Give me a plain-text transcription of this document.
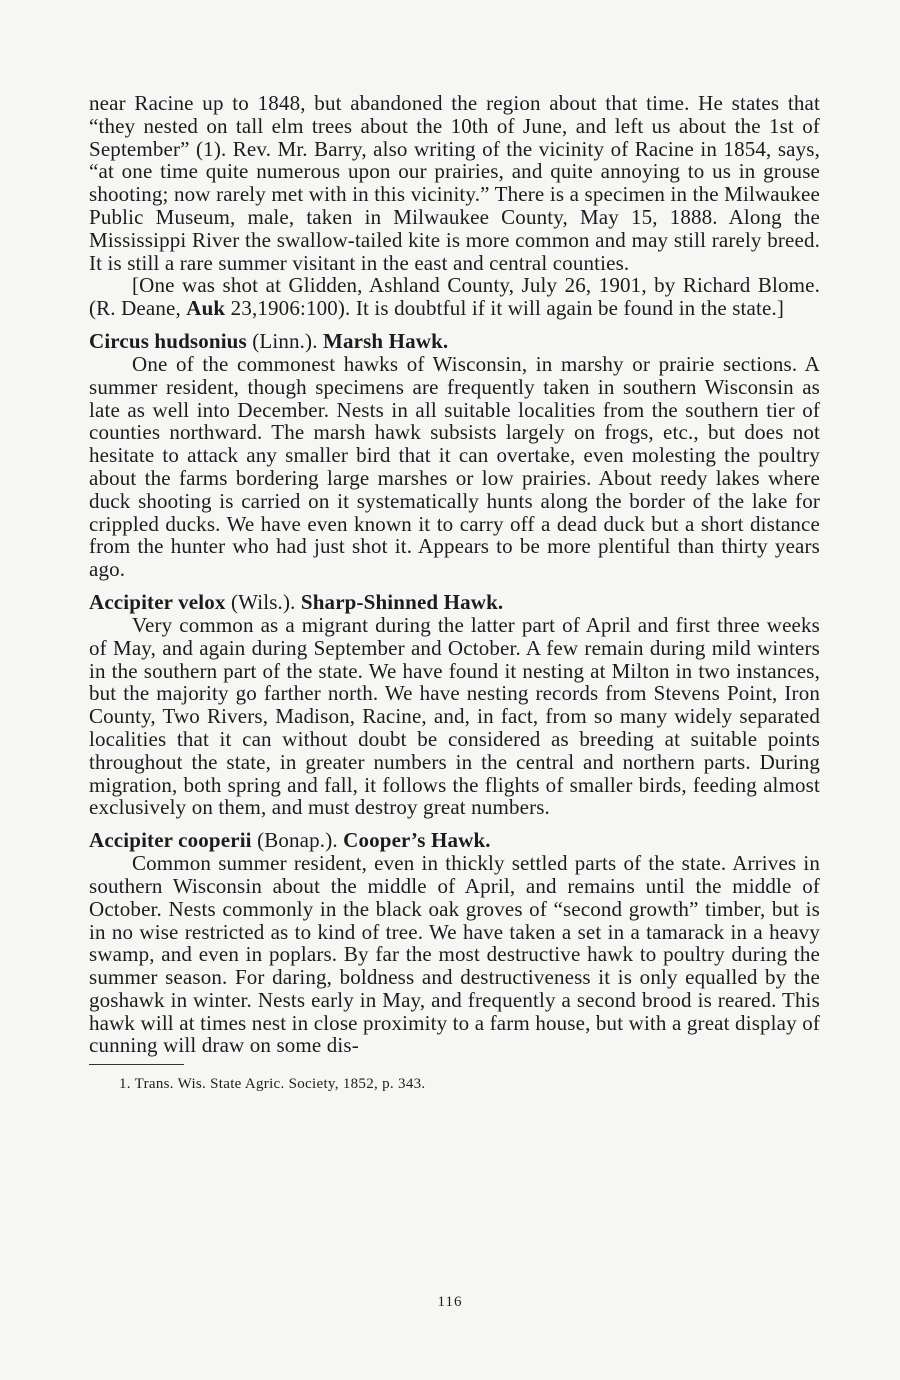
near Racine up to 1848, but abandoned the region about that time. He states that “they nested on tall elm trees about the 10th of June, and left us about the 1st of September” (1). Rev. Mr. Barry, also writing of the vicinity of Racine in 1854, says, “at one time quite numerous upon our prairies, and quite annoying to us in grouse shooting; now rarely met with in this vicinity.” There is a specimen in the Milwaukee Public Museum, male, taken in Milwaukee County, May 15, 1888. Along the Mississippi River the swallow-tailed kite is more common and may still rarely breed. It is still a rare summer visitant in the east and central counties.

[One was shot at Glidden, Ashland County, July 26, 1901, by Richard Blome. (R. Deane, Auk 23,1906:100). It is doubtful if it will again be found in the state.]

Circus hudsonius (Linn.). Marsh Hawk.

One of the commonest hawks of Wisconsin, in marshy or prairie sections. A summer resident, though specimens are frequently taken in southern Wisconsin as late as well into December. Nests in all suitable localities from the southern tier of counties northward. The marsh hawk subsists largely on frogs, etc., but does not hesitate to attack any smaller bird that it can overtake, even molesting the poultry about the farms bordering large marshes or low prairies. About reedy lakes where duck shooting is carried on it systematically hunts along the border of the lake for crippled ducks. We have even known it to carry off a dead duck but a short distance from the hunter who had just shot it. Appears to be more plentiful than thirty years ago.

Accipiter velox (Wils.). Sharp-Shinned Hawk.

Very common as a migrant during the latter part of April and first three weeks of May, and again during September and October. A few remain during mild winters in the southern part of the state. We have found it nesting at Milton in two instances, but the majority go farther north. We have nesting records from Stevens Point, Iron County, Two Rivers, Madison, Racine, and, in fact, from so many widely separated localities that it can without doubt be considered as breeding at suitable points throughout the state, in greater numbers in the central and northern parts. During migration, both spring and fall, it follows the flights of smaller birds, feeding almost exclusively on them, and must destroy great numbers.

Accipiter cooperii (Bonap.). Cooper’s Hawk.

Common summer resident, even in thickly settled parts of the state. Arrives in southern Wisconsin about the middle of April, and remains until the middle of October. Nests commonly in the black oak groves of “second growth” timber, but is in no wise restricted as to kind of tree. We have taken a set in a tamarack in a heavy swamp, and even in poplars. By far the most destructive hawk to poultry during the summer season. For daring, boldness and destructiveness it is only equalled by the goshawk in winter. Nests early in May, and frequently a second brood is reared. This hawk will at times nest in close proximity to a farm house, but with a great display of cunning will draw on some dis-

1. Trans. Wis. State Agric. Society, 1852, p. 343.

116
